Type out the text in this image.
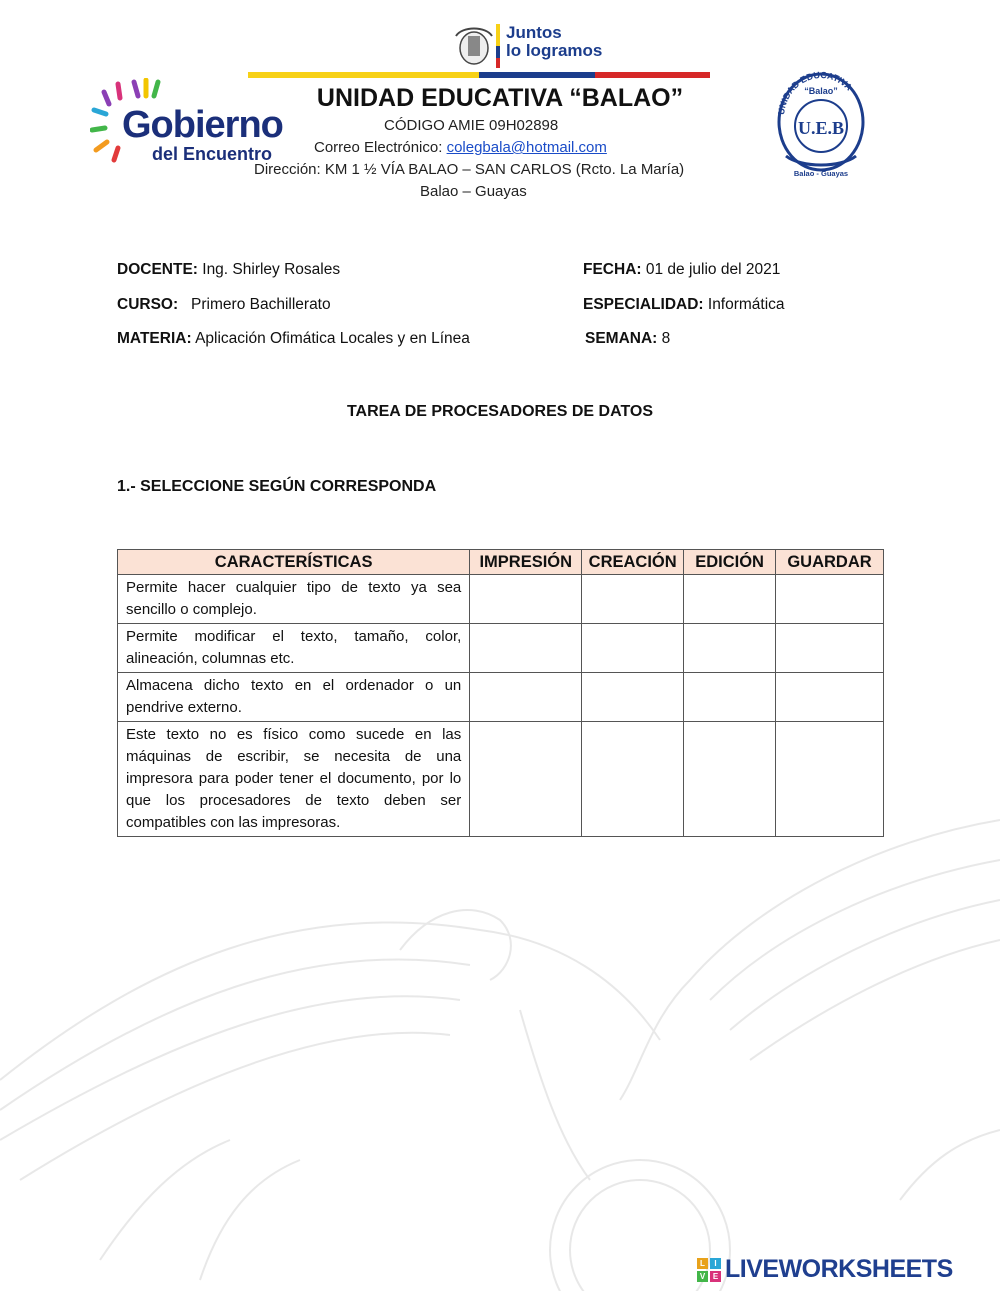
Gobierno
del Encuentro
Juntos
lo logramos
UNIDAD EDUCATIVA “BALAO”
CÓDIGO AMIE 09H02898
Correo Electrónico: colegbala@hotmail.com
Dirección: KM 1 ½ VÍA BALAO – SAN CARLOS (Rcto. La María)
Balao – Guayas
UNIDAD EDUCATIVA
“Balao”
U.E.B
Balao - Guayas
DOCENTE: Ing. Shirley Rosales	FECHA: 01 de julio del 2021
CURSO:   Primero Bachillerato	ESPECIALIDAD: Informática
MATERIA: Aplicación Ofimática Locales y en Línea	SEMANA: 8
TAREA DE PROCESADORES DE DATOS
1.- SELECCIONE SEGÚN CORRESPONDA
CARACTERÍSTICAS	IMPRESIÓN	CREACIÓN	EDICIÓN	GUARDAR
Permite hacer cualquier tipo de texto ya sea sencillo o complejo.				
Permite modificar el texto, tamaño, color, alineación, columnas etc.				
Almacena dicho texto en el ordenador o un pendrive externo.				
Este texto no es físico como sucede en las máquinas de escribir, se necesita de una impresora para poder tener el documento, por lo que los procesadores de texto deben ser compatibles con las impresoras.				
L	I
V E LIVEWORKSHEETS
